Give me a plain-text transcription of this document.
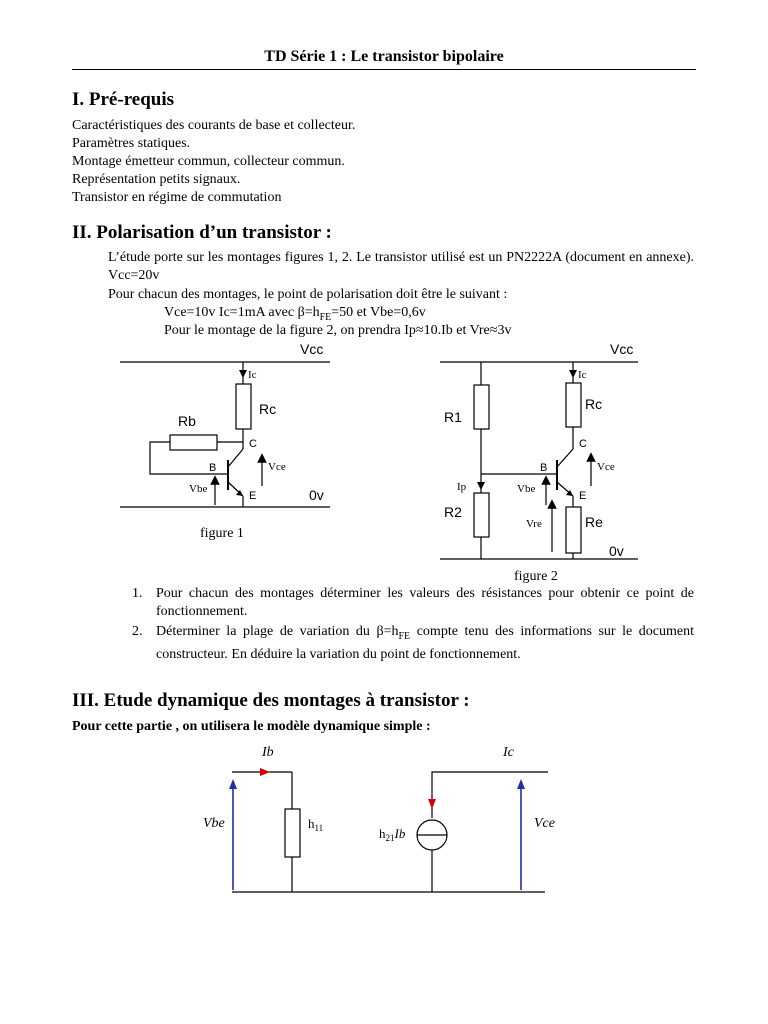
TD Série 1 : Le transistor bipolaire
I. Pré-requis
Caractéristiques des courants de base et collecteur.
Paramètres statiques.
Montage émetteur commun, collecteur commun.
Représentation petits signaux.
Transistor en régime de commutation
II. Polarisation d’un transistor :
L’étude porte sur les montages figures 1, 2. Le transistor utilisé est un PN2222A (document en annexe). Vcc=20v
Pour chacun des montages, le point de polarisation doit être le suivant :
Vce=10v Ic=1mA avec $\beta=h_{FE}=50$ et Vbe=0,6v
Pour le montage de la figure 2, on prendra Ip≈10.Ib et Vre≈3v
Vcc
0v
Ic
Rc
Rb
C
B
E
Vce
Vbe
figure 1
Vcc
0v
Ic
Rc
R1
R2
Re
Ip
C
B
E
Vce
Vbe
Vre
figure 2
1. Pour chacun des montages déterminer les valeurs des résistances pour obtenir ce point de fonctionnement.
2. Déterminer la plage de variation du $\beta=h_{FE}$ compte tenu des informations sur le document constructeur. En déduire la variation du point de fonctionnement.
III. Etude dynamique des montages à transistor :
Pour cette partie , on utilisera le modèle dynamique simple :
Ib	Ic
Vbe	Vce
$h_{11}$	$h_{21}Ib$
